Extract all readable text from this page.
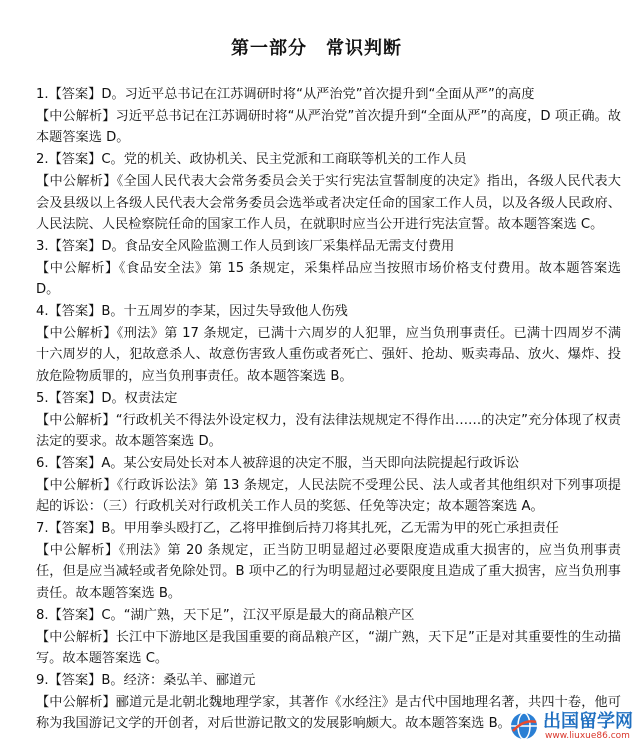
第一部分　常识判断

1.【答案】D。习近平总书记在江苏调研时将“从严治党”首次提升到“全面从严”的高度

【中公解析】习近平总书记在江苏调研时将“从严治党”首次提升到“全面从严”的高度，D 项正确。故本题答案选 D。

2.【答案】C。党的机关、政协机关、民主党派和工商联等机关的工作人员

【中公解析】《全国人民代表大会常务委员会关于实行宪法宣誓制度的决定》指出，各级人民代表大会及县级以上各级人民代表大会常务委员会选举或者决定任命的国家工作人员，以及各级人民政府、人民法院、人民检察院任命的国家工作人员，在就职时应当公开进行宪法宣誓。故本题答案选 C。

3.【答案】D。食品安全风险监测工作人员到该厂采集样品无需支付费用

【中公解析】《食品安全法》第 15 条规定，采集样品应当按照市场价格支付费用。故本题答案选 D。

4.【答案】B。十五周岁的李某，因过失导致他人伤残

【中公解析】《刑法》第 17 条规定，已满十六周岁的人犯罪，应当负刑事责任。已满十四周岁不满十六周岁的人，犯故意杀人、故意伤害致人重伤或者死亡、强奸、抢劫、贩卖毒品、放火、爆炸、投放危险物质罪的，应当负刑事责任。故本题答案选 B。

5.【答案】D。权责法定

【中公解析】“行政机关不得法外设定权力，没有法律法规规定不得作出……的决定”充分体现了权责法定的要求。故本题答案选 D。

6.【答案】A。某公安局处长对本人被辞退的决定不服，当天即向法院提起行政诉讼

【中公解析】《行政诉讼法》第 13 条规定，人民法院不受理公民、法人或者其他组织对下列事项提起的诉讼：（三）行政机关对行政机关工作人员的奖惩、任免等决定；故本题答案选 A。

7.【答案】B。甲用拳头殴打乙，乙将甲推倒后持刀将其扎死，乙无需为甲的死亡承担责任

【中公解析】《刑法》第 20 条规定，正当防卫明显超过必要限度造成重大损害的，应当负刑事责任，但是应当减轻或者免除处罚。B 项中乙的行为明显超过必要限度且造成了重大损害，应当负刑事责任。故本题答案选 B。

8.【答案】C。“湖广熟，天下足”，江汉平原是最大的商品粮产区

【中公解析】长江中下游地区是我国重要的商品粮产区，“湖广熟，天下足”正是对其重要性的生动描写。故本题答案选 C。

9.【答案】B。经济：桑弘羊、郦道元

【中公解析】郦道元是北朝北魏地理学家，其著作《水经注》是古代中国地理名著，共四十卷，他可称为我国游记文学的开创者，对后世游记散文的发展影响颇大。故本题答案选 B。	出国留学网
www.liuxue86.com
